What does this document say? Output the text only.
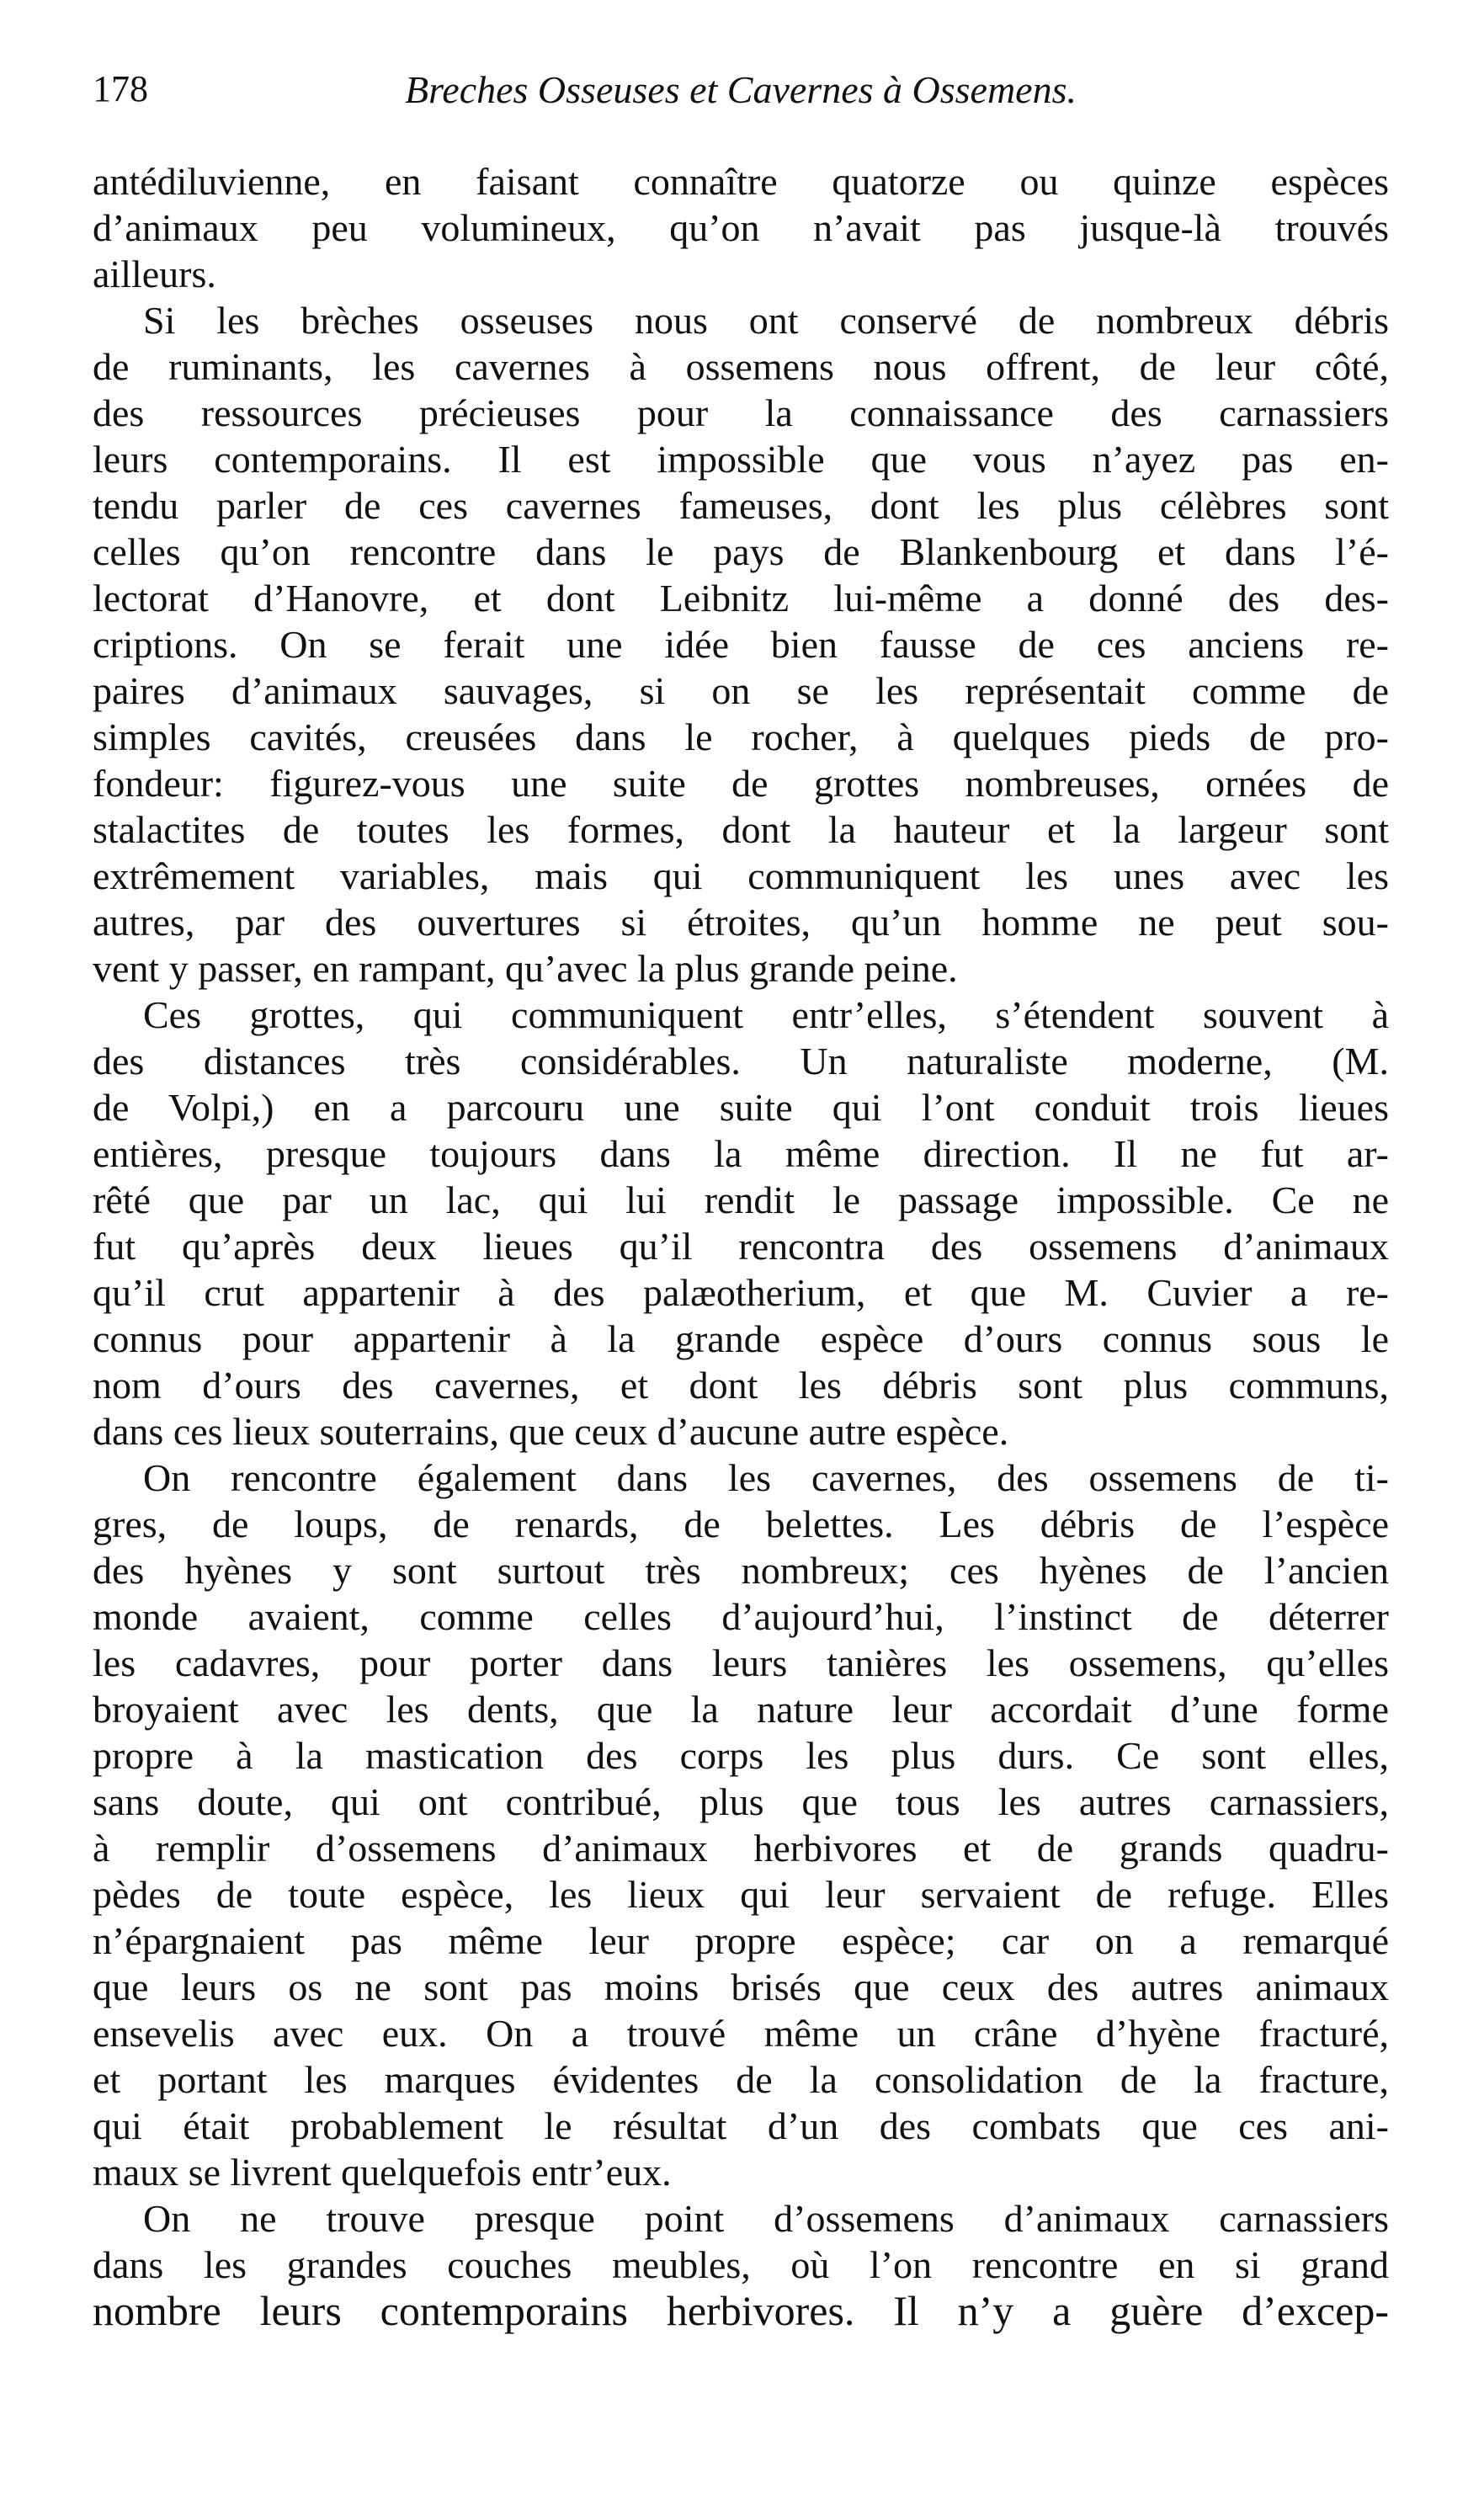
178	Breches Osseuses et Cavernes à Ossemens.
antédiluvienne, en faisant connaître quatorze ou quinze espèces
d’animaux peu volumineux, qu’on n’avait pas jusque-là trouvés
ailleurs.
Si les brèches osseuses nous ont conservé de nombreux débris
de ruminants, les cavernes à ossemens nous offrent, de leur côté,
des ressources précieuses pour la connaissance des carnassiers
leurs contemporains. Il est impossible que vous n’ayez pas en-
tendu parler de ces cavernes fameuses, dont les plus célèbres sont
celles qu’on rencontre dans le pays de Blankenbourg et dans l’é-
lectorat d’Hanovre, et dont Leibnitz lui-même a donné des des-
criptions. On se ferait une idée bien fausse de ces anciens re-
paires d’animaux sauvages, si on se les représentait comme de
simples cavités, creusées dans le rocher, à quelques pieds de pro-
fondeur: figurez-vous une suite de grottes nombreuses, ornées de
stalactites de toutes les formes, dont la hauteur et la largeur sont
extrêmement variables, mais qui communiquent les unes avec les
autres, par des ouvertures si étroites, qu’un homme ne peut sou-
vent y passer, en rampant, qu’avec la plus grande peine.
Ces grottes, qui communiquent entr’elles, s’étendent souvent à
des distances très considérables. Un naturaliste moderne, (M.
de Volpi,) en a parcouru une suite qui l’ont conduit trois lieues
entières, presque toujours dans la même direction. Il ne fut ar-
rêté que par un lac, qui lui rendit le passage impossible. Ce ne
fut qu’après deux lieues qu’il rencontra des ossemens d’animaux
qu’il crut appartenir à des palæotherium, et que M. Cuvier a re-
connus pour appartenir à la grande espèce d’ours connus sous le
nom d’ours des cavernes, et dont les débris sont plus communs,
dans ces lieux souterrains, que ceux d’aucune autre espèce.
On rencontre également dans les cavernes, des ossemens de ti-
gres, de loups, de renards, de belettes. Les débris de l’espèce
des hyènes y sont surtout très nombreux; ces hyènes de l’ancien
monde avaient, comme celles d’aujourd’hui, l’instinct de déterrer
les cadavres, pour porter dans leurs tanières les ossemens, qu’elles
broyaient avec les dents, que la nature leur accordait d’une forme
propre à la mastication des corps les plus durs. Ce sont elles,
sans doute, qui ont contribué, plus que tous les autres carnassiers,
à remplir d’ossemens d’animaux herbivores et de grands quadru-
pèdes de toute espèce, les lieux qui leur servaient de refuge. Elles
n’épargnaient pas même leur propre espèce; car on a remarqué
que leurs os ne sont pas moins brisés que ceux des autres animaux
ensevelis avec eux. On a trouvé même un crâne d’hyène fracturé,
et portant les marques évidentes de la consolidation de la fracture,
qui était probablement le résultat d’un des combats que ces ani-
maux se livrent quelquefois entr’eux.
On ne trouve presque point d’ossemens d’animaux carnassiers
dans les grandes couches meubles, où l’on rencontre en si grand
nombre leurs contemporains herbivores. Il n’y a guère d’excep-
